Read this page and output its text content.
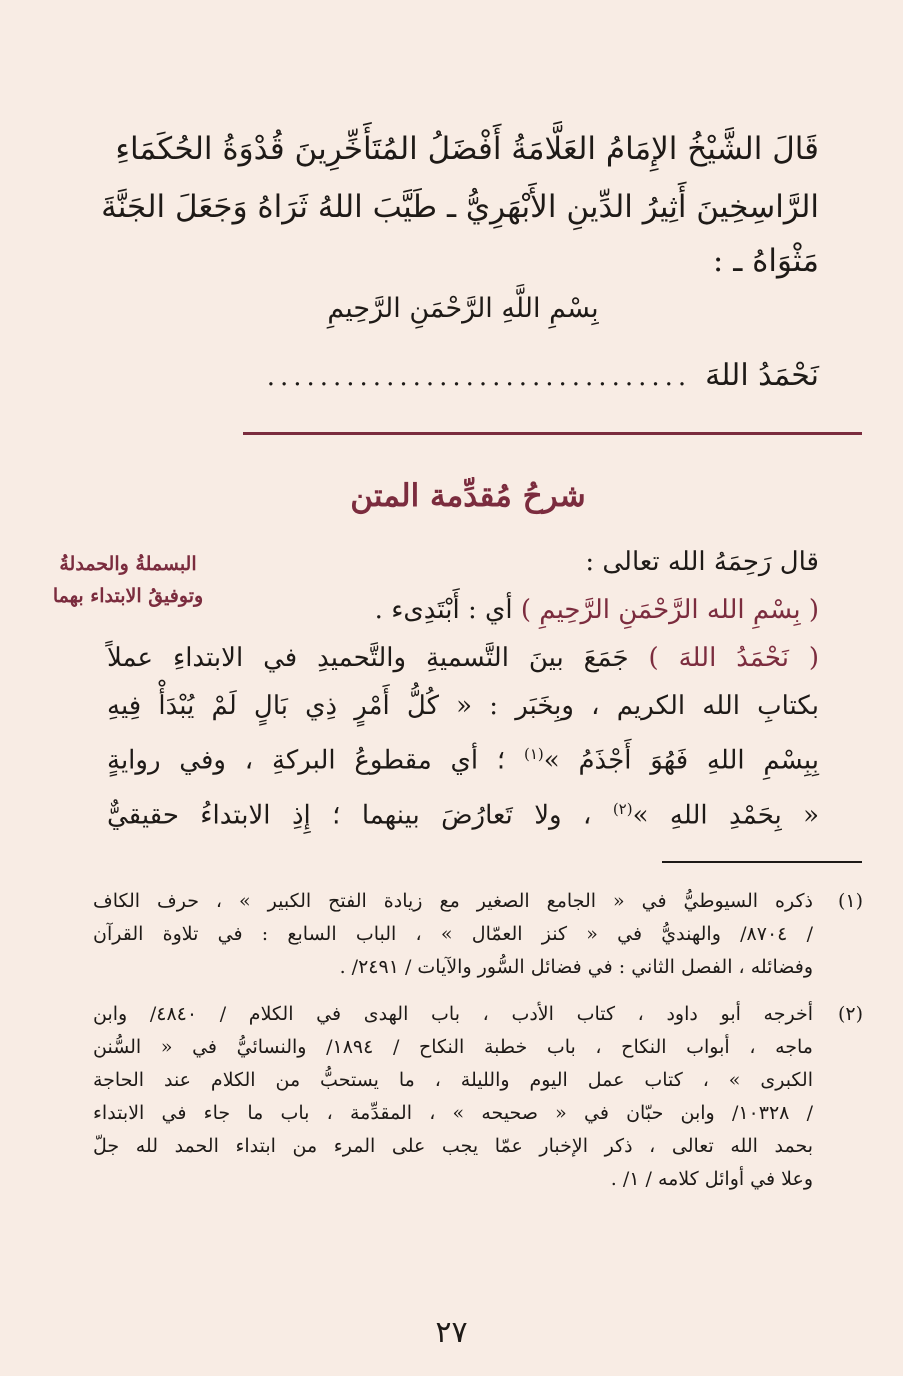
قَالَ الشَّيْخُ الإِمَامُ العَلَّامَةُ أَفْضَلُ المُتَأَخِّرِينَ قُدْوَةُ الحُكَمَاءِ
الرَّاسِخِينَ أَثِيرُ الدِّينِ الأَبْهَرِيُّ ـ طَيَّبَ اللهُ ثَرَاهُ وَجَعَلَ الجَنَّةَ
مَثْوَاهُ ـ :
بِسْمِ اللَّهِ الرَّحْمَنِ الرَّحِيمِ
نَحْمَدُ اللهَ
................................
شرحُ مُقدِّمة المتن
قال رَحِمَهُ الله تعالى :
( بِسْمِ الله الرَّحْمَنِ الرَّحِيمِ ) أي : أَبْتَدِىء .
( نَحْمَدُ اللهَ ) جَمَعَ بينَ التَّسميةِ والتَّحميدِ في الابتداءِ عملاً
بكتابِ الله الكريم ، وبِخَبَر : « كُلُّ أَمْرٍ ذِي بَالٍ لَمْ يُبْدَأْ فِيهِ
بِبِسْمِ اللهِ فَهُوَ أَجْذَمُ »$^{(١)}$ ؛ أي مقطوعُ البركةِ ، وفي روايةٍ
« بِحَمْدِ اللهِ »$^{(٢)}$ ، ولا تَعارُضَ بينهما ؛ إِذِ الابتداءُ حقيقيٌّ
البسملةُ والحمدلةُ
وتوفيقُ الابتداء بهما
(١)
ذكره السيوطيُّ في « الجامع الصغير مع زيادة الفتح الكبير » ، حرف الكاف
/ ٨٧٠٤/ والهنديُّ في « كنز العمّال » ، الباب السابع : في تلاوة القرآن
وفضائله ، الفصل الثاني : في فضائل السُّور والآيات / ٢٤٩١/ .
(٢)
أخرجه أبو داود ، كتاب الأدب ، باب الهدى في الكلام / ٤٨٤٠/ وابن
ماجه ، أبواب النكاح ، باب خطبة النكاح / ١٨٩٤/ والنسائيُّ في « السُّنن
الكبرى » ، كتاب عمل اليوم والليلة ، ما يستحبُّ من الكلام عند الحاجة
/ ١٠٣٢٨/ وابن حبّان في « صحيحه » ، المقدِّمة ، باب ما جاء في الابتداء
بحمد الله تعالى ، ذكر الإخبار عمّا يجب على المرء من ابتداء الحمد لله جلّ
وعلا في أوائل كلامه / ١/ .
٢٧
